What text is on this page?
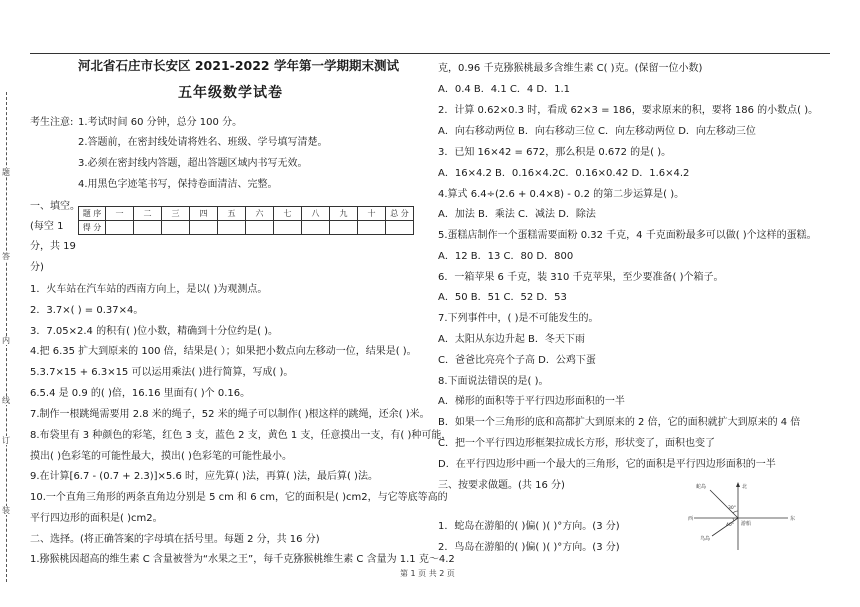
题
答
内
线
订
装
河北省石庄市长安区 2021-2022 学年第一学期期末测试
五年级数学试卷
考生注意: 1.考试时间 60 分钟，总分 100 分。
2.答题前，在密封线处请将姓名、班级、学号填写清楚。
3.必须在密封线内答题，超出答题区域内书写无效。
4.用黑色字迹笔书写，保持卷面清洁、完整。
一、填空。
(每空 1
分，共 19
分)
题 序	一	二	三	四	五	六	七	八	九	十	总 分
得 分											
1．火车站在汽车站的西南方向上，是以( )为观测点。
2．3.7×( ) = 0.37×4。
3．7.05×2.4 的积有( )位小数，精确到十分位约是( )。
4.把 6.35 扩大到原来的 100 倍，结果是( ）；如果把小数点向左移动一位，结果是( )。
5.3.7×15 + 6.3×15 可以运用乘法( )进行简算，写成( )。
6.5.4 是 0.9 的( )倍，16.16 里面有( )个 0.16。
7.制作一根跳绳需要用 2.8 米的绳子，52 米的绳子可以制作( )根这样的跳绳，还余( )米。
8.布袋里有 3 种颜色的彩笔，红色 3 支，蓝色 2 支，黄色 1 支，任意摸出一支，有( )种可能，
摸出( )色彩笔的可能性最大，摸出( )色彩笔的可能性最小。
9.在计算[6.7 - (0.7 + 2.3)]×5.6 时，应先算( )法，再算( )法，最后算( )法。
10.一个直角三角形的两条直角边分别是 5 cm 和 6 cm，它的面积是( )cm2，与它等底等高的
平行四边形的面积是( )cm2。
二、选择。(将正确答案的字母填在括号里。每题 2 分，共 16 分)
1.猕猴桃因超高的维生素 C 含量被誉为“水果之王”，每千克猕猴桃维生素 C 含量为 1.1 克～4.2
克，0.96 千克猕猴桃最多含维生素 C( )克。(保留一位小数)
A．0.4 B．4.1 C．4 D．1.1
2．计算 0.62×0.3 时，看成 62×3 = 186，要求原来的积，要将 186 的小数点( )。
A．向右移动两位 B．向右移动三位 C．向左移动两位 D．向左移动三位
3．已知 16×42 = 672，那么积是 0.672 的是( )。
A．16×4.2 B．0.16×4.2C．0.16×0.42 D．1.6×4.2
4.算式 6.4÷(2.6 + 0.4×8) - 0.2 的第二步运算是( )。
A．加法 B．乘法 C．减法 D．除法
5.蛋糕店制作一个蛋糕需要面粉 0.32 千克，4 千克面粉最多可以做( )个这样的蛋糕。
A．12 B．13 C．80 D．800
6．一箱苹果 6 千克，装 310 千克苹果，至少要准备( )个箱子。
A．50 B．51 C．52 D．53
7.下列事件中，( )是不可能发生的。
A．太阳从东边升起 B．冬天下雨
C．爸爸比亮亮个子高 D．公鸡下蛋
8.下面说法错误的是( )。
A．梯形的面积等于平行四边形面积的一半
B．如果一个三角形的底和高都扩大到原来的 2 倍，它的面积就扩大到原来的 4 倍
C．把一个平行四边形框架拉成长方形，形状变了，面积也变了
D．在平行四边形中画一个最大的三角形，它的面积是平行四边形面积的一半
三、按要求做题。(共 16 分)
1．蛇岛在游船的( )偏( )( )°方向。(3 分)
2．鸟岛在游船的( )偏( )( )°方向。(3 分)
蛇岛	北
西	东
鸟岛
游船
30°
40°
第 1 页 共 2 页
